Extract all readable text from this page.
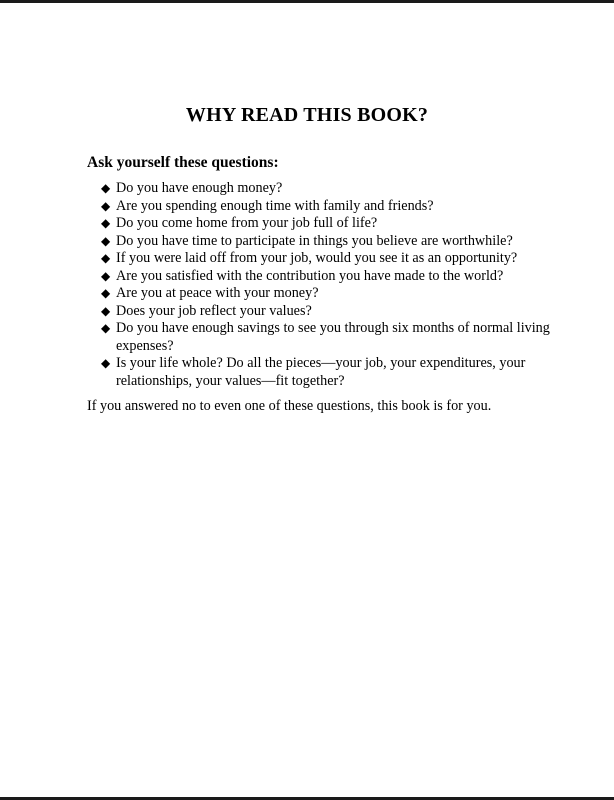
WHY READ THIS BOOK?
Ask yourself these questions:
◆ Do you have enough money?
◆ Are you spending enough time with family and friends?
◆ Do you come home from your job full of life?
◆ Do you have time to participate in things you believe are worthwhile?
◆ If you were laid off from your job, would you see it as an opportunity?
◆ Are you satisfied with the contribution you have made to the world?
◆ Are you at peace with your money?
◆ Does your job reflect your values?
◆ Do you have enough savings to see you through six months of normal living expenses?
◆ Is your life whole? Do all the pieces—your job, your expenditures, your relationships, your values—fit together?

If you answered no to even one of these questions, this book is for you.
